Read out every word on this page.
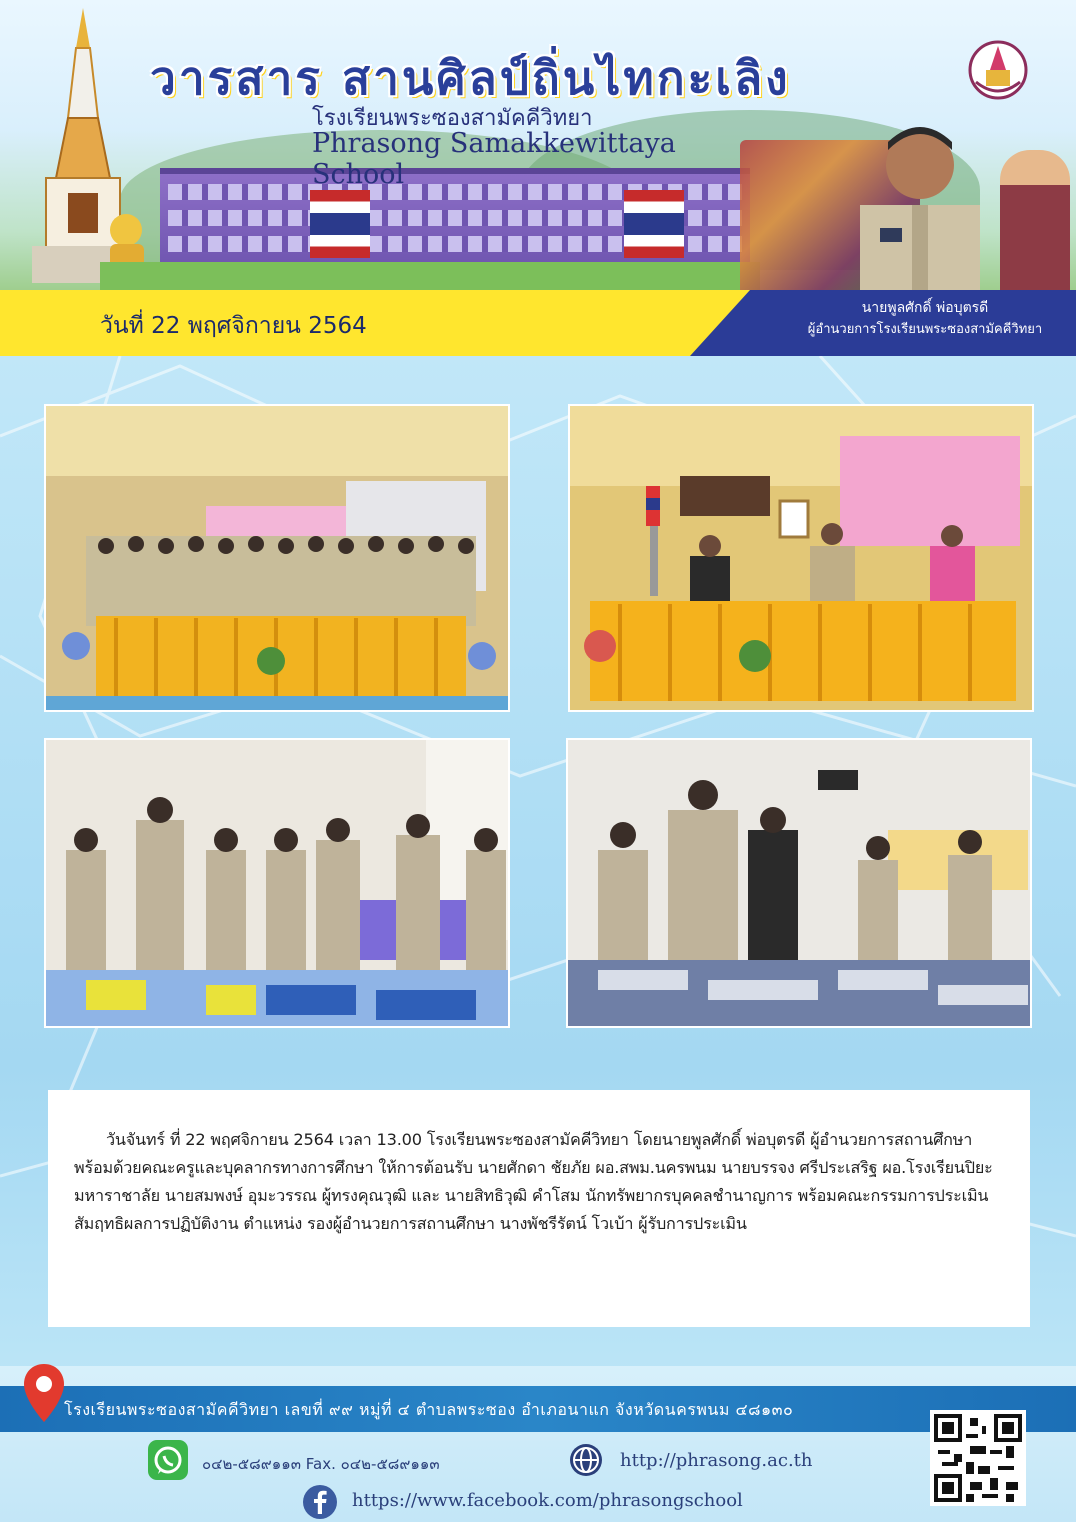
วารสาร สานศิลป์ถิ่นไทกะเลิง
โรงเรียนพระซองสามัคคีวิทยา
Phrasong Samakkewittaya School
วันที่ 22 พฤศจิกายน 2564
นายพูลศักดิ์ พ่อบุตรดี
ผู้อำนวยการโรงเรียนพระซองสามัคคีวิทยา

วันจันทร์ ที่ 22 พฤศจิกายน 2564 เวลา 13.00 โรงเรียนพระซองสามัคคีวิทยา โดยนายพูลศักดิ์ พ่อบุตรดี ผู้อำนวยการสถานศึกษา พร้อมด้วยคณะครูและบุคลากรทางการศึกษา ให้การต้อนรับ นายศักดา ชัยภัย ผอ.สพม.นครพนม นายบรรจง ศรีประเสริฐ ผอ.โรงเรียนปิยะมหาราชาลัย นายสมพงษ์ อุมะวรรณ ผู้ทรงคุณวุฒิ และ นายสิทธิวุฒิ คำโสม นักทรัพยากรบุคคลชำนาญการ พร้อมคณะกรรมการประเมินสัมฤทธิผลการปฏิบัติงาน ตำแหน่ง รองผู้อำนวยการสถานศึกษา นางพัชรีรัตน์ โวเบ้า ผู้รับการประเมิน

โรงเรียนพระซองสามัคคีวิทยา เลขที่ ๙๙ หมู่ที่ ๔ ตำบลพระซอง อำเภอนาแก จังหวัดนครพนม ๔๘๑๓๐
๐๔๒-๕๘๙๑๑๓ Fax. ๐๔๒-๕๘๙๑๑๓	http://phrasong.ac.th
https://www.facebook.com/phrasongschool
